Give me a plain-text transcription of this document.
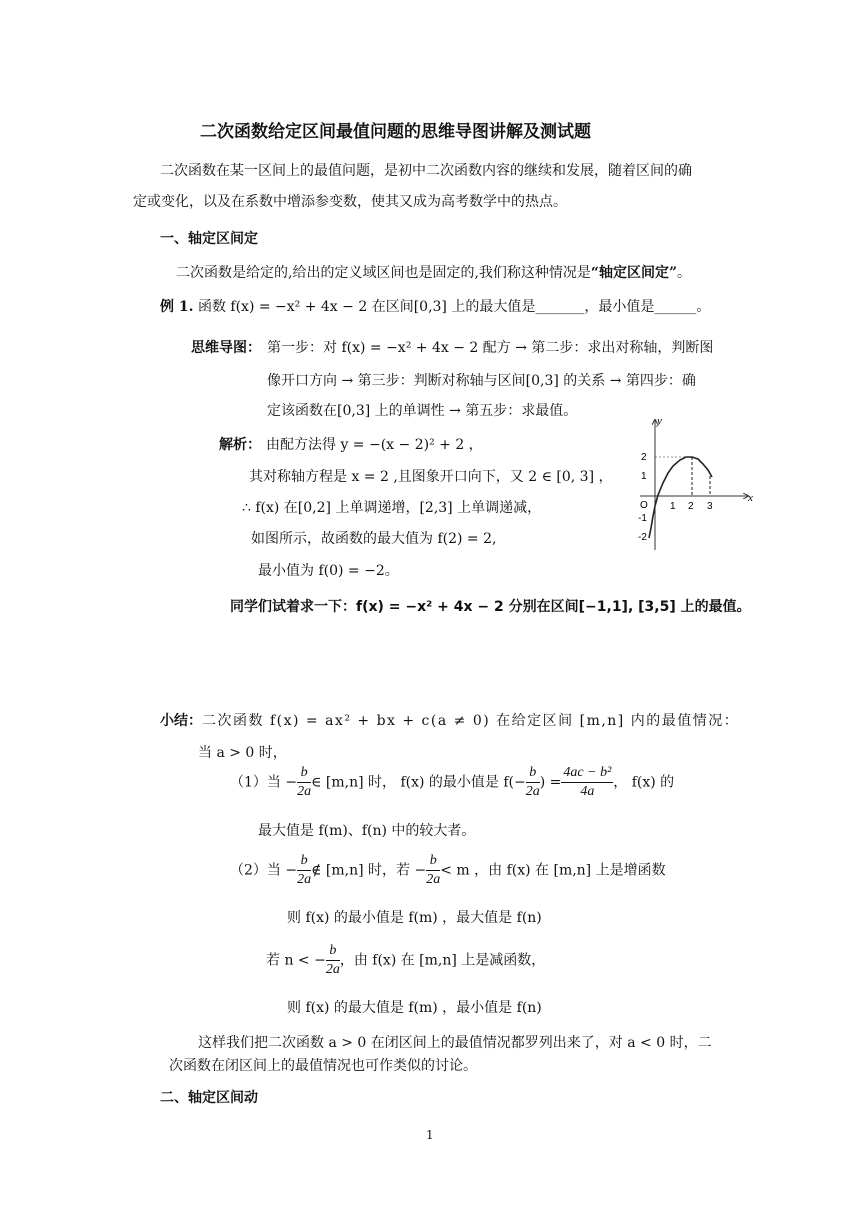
二次函数给定区间最值问题的思维导图讲解及测试题
二次函数在某一区间上的最值问题，是初中二次函数内容的继续和发展，随着区间的确
定或变化，以及在系数中增添参变数，使其又成为高考数学中的热点。
一、轴定区间定
二次函数是给定的,给出的定义域区间也是固定的,我们称这种情况是“轴定区间定”。
例 1. 函数 f(x) = −x² + 4x − 2 在区间[0,3] 上的最大值是_______，最小值是______。
思维导图： 第一步：对 f(x) = −x² + 4x − 2 配方 → 第二步：求出对称轴，判断图
像开口方向 → 第三步：判断对称轴与区间[0,3] 的关系 → 第四步：确
定该函数在[0,3] 上的单调性 → 第五步：求最值。
解析： 由配方法得 y = −(x − 2)² + 2 ，
其对称轴方程是 x = 2 ,且图象开口向下，又 2 ∈ [0, 3] ，
∴ f(x) 在[0,2] 上单调递增，[2,3] 上单调递减，
如图所示，故函数的最大值为 f(2) = 2,
最小值为 f(0) = −2。
x
y
O 1 2 3
2
1
-1
-2
同学们试着求一下：f(x) = −x² + 4x − 2 分别在区间[−1,1], [3,5] 上的最值。
小结：二次函数 f(x) = ax² + bx + c(a ≠ 0) 在给定区间 [m,n] 内的最值情况：
当 a > 0 时，
（1）当 − $\frac{b}{2a}$ ∈ [m,n] 时， f(x) 的最小值是 $f(- \frac{b}{2a}$ ) = $\frac{\text{4ac − b²}}{4a}$ ， f(x) 的
最大值是 f(m)、f(n) 中的较大者。
（2）当 − $\frac{b}{2a}$ ∉ [m,n] 时，若 − $\frac{b}{2a} < m$ ，由 f(x) 在 [m,n] 上是增函数
则 f(x) 的最小值是 f(m) ，最大值是 f(n)
若 n < − $\frac{b}{2a}$ ，由 f(x) 在 [m,n] 上是减函数，
则 f(x) 的最大值是 f(m) ，最小值是 f(n)
这样我们把二次函数 a > 0 在闭区间上的最值情况都罗列出来了，对 a < 0 时，二
次函数在闭区间上的最值情况也可作类似的讨论。
二、轴定区间动
1
